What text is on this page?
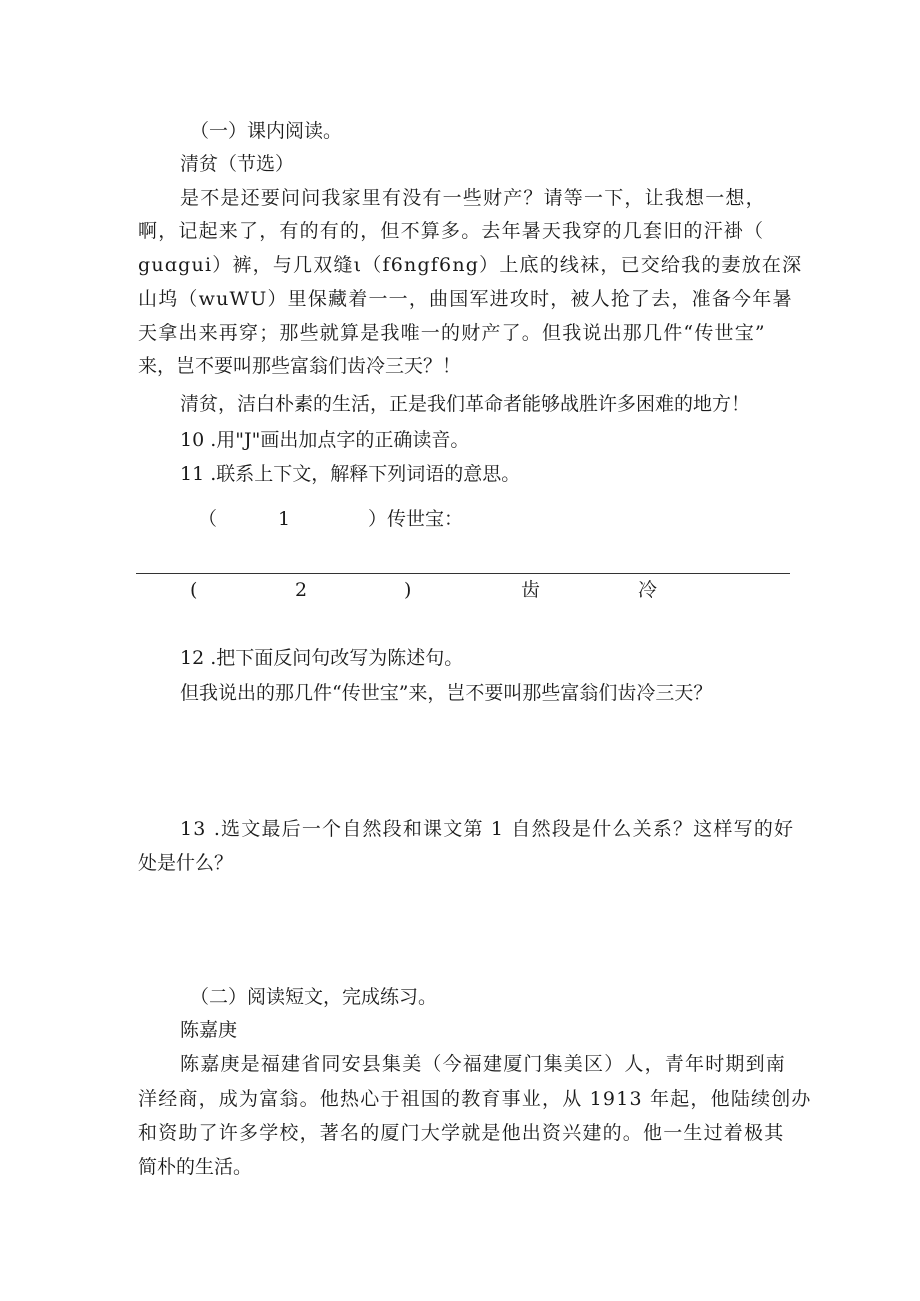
（一）课内阅读。
清贫（节选）
是不是还要问问我家里有没有一些财产？请等一下，让我想一想，
啊，记起来了，有的有的，但不算多。去年暑天我穿的几套旧的汗褂（
guɑgui）裤，与几双缝ι（f6ngf6ng）上底的线袜，已交给我的妻放在深
山坞（wuWU）里保藏着一一，曲国军进攻时，被人抢了去，准备今年暑
天拿出来再穿；那些就算是我唯一的财产了。但我说出那几件“传世宝”
来，岂不要叫那些富翁们齿冷三天？！
清贫，洁白朴素的生活，正是我们革命者能够战胜许多困难的地方！
10 .用"J"画出加点字的正确读音。
11 .联系上下文，解释下列词语的意思。
（	1	）传世宝：
(	2	)	齿	冷
12 .把下面反问句改写为陈述句。
但我说出的那几件“传世宝”来，岂不要叫那些富翁们齿冷三天？
13 .选文最后一个自然段和课文第 1 自然段是什么关系？这样写的好
处是什么？
（二）阅读短文，完成练习。
陈嘉庚
陈嘉庚是福建省同安县集美（今福建厦门集美区）人，青年时期到南
洋经商，成为富翁。他热心于祖国的教育事业，从 1913 年起，他陆续创办
和资助了许多学校，著名的厦门大学就是他出资兴建的。他一生过着极其
简朴的生活。
